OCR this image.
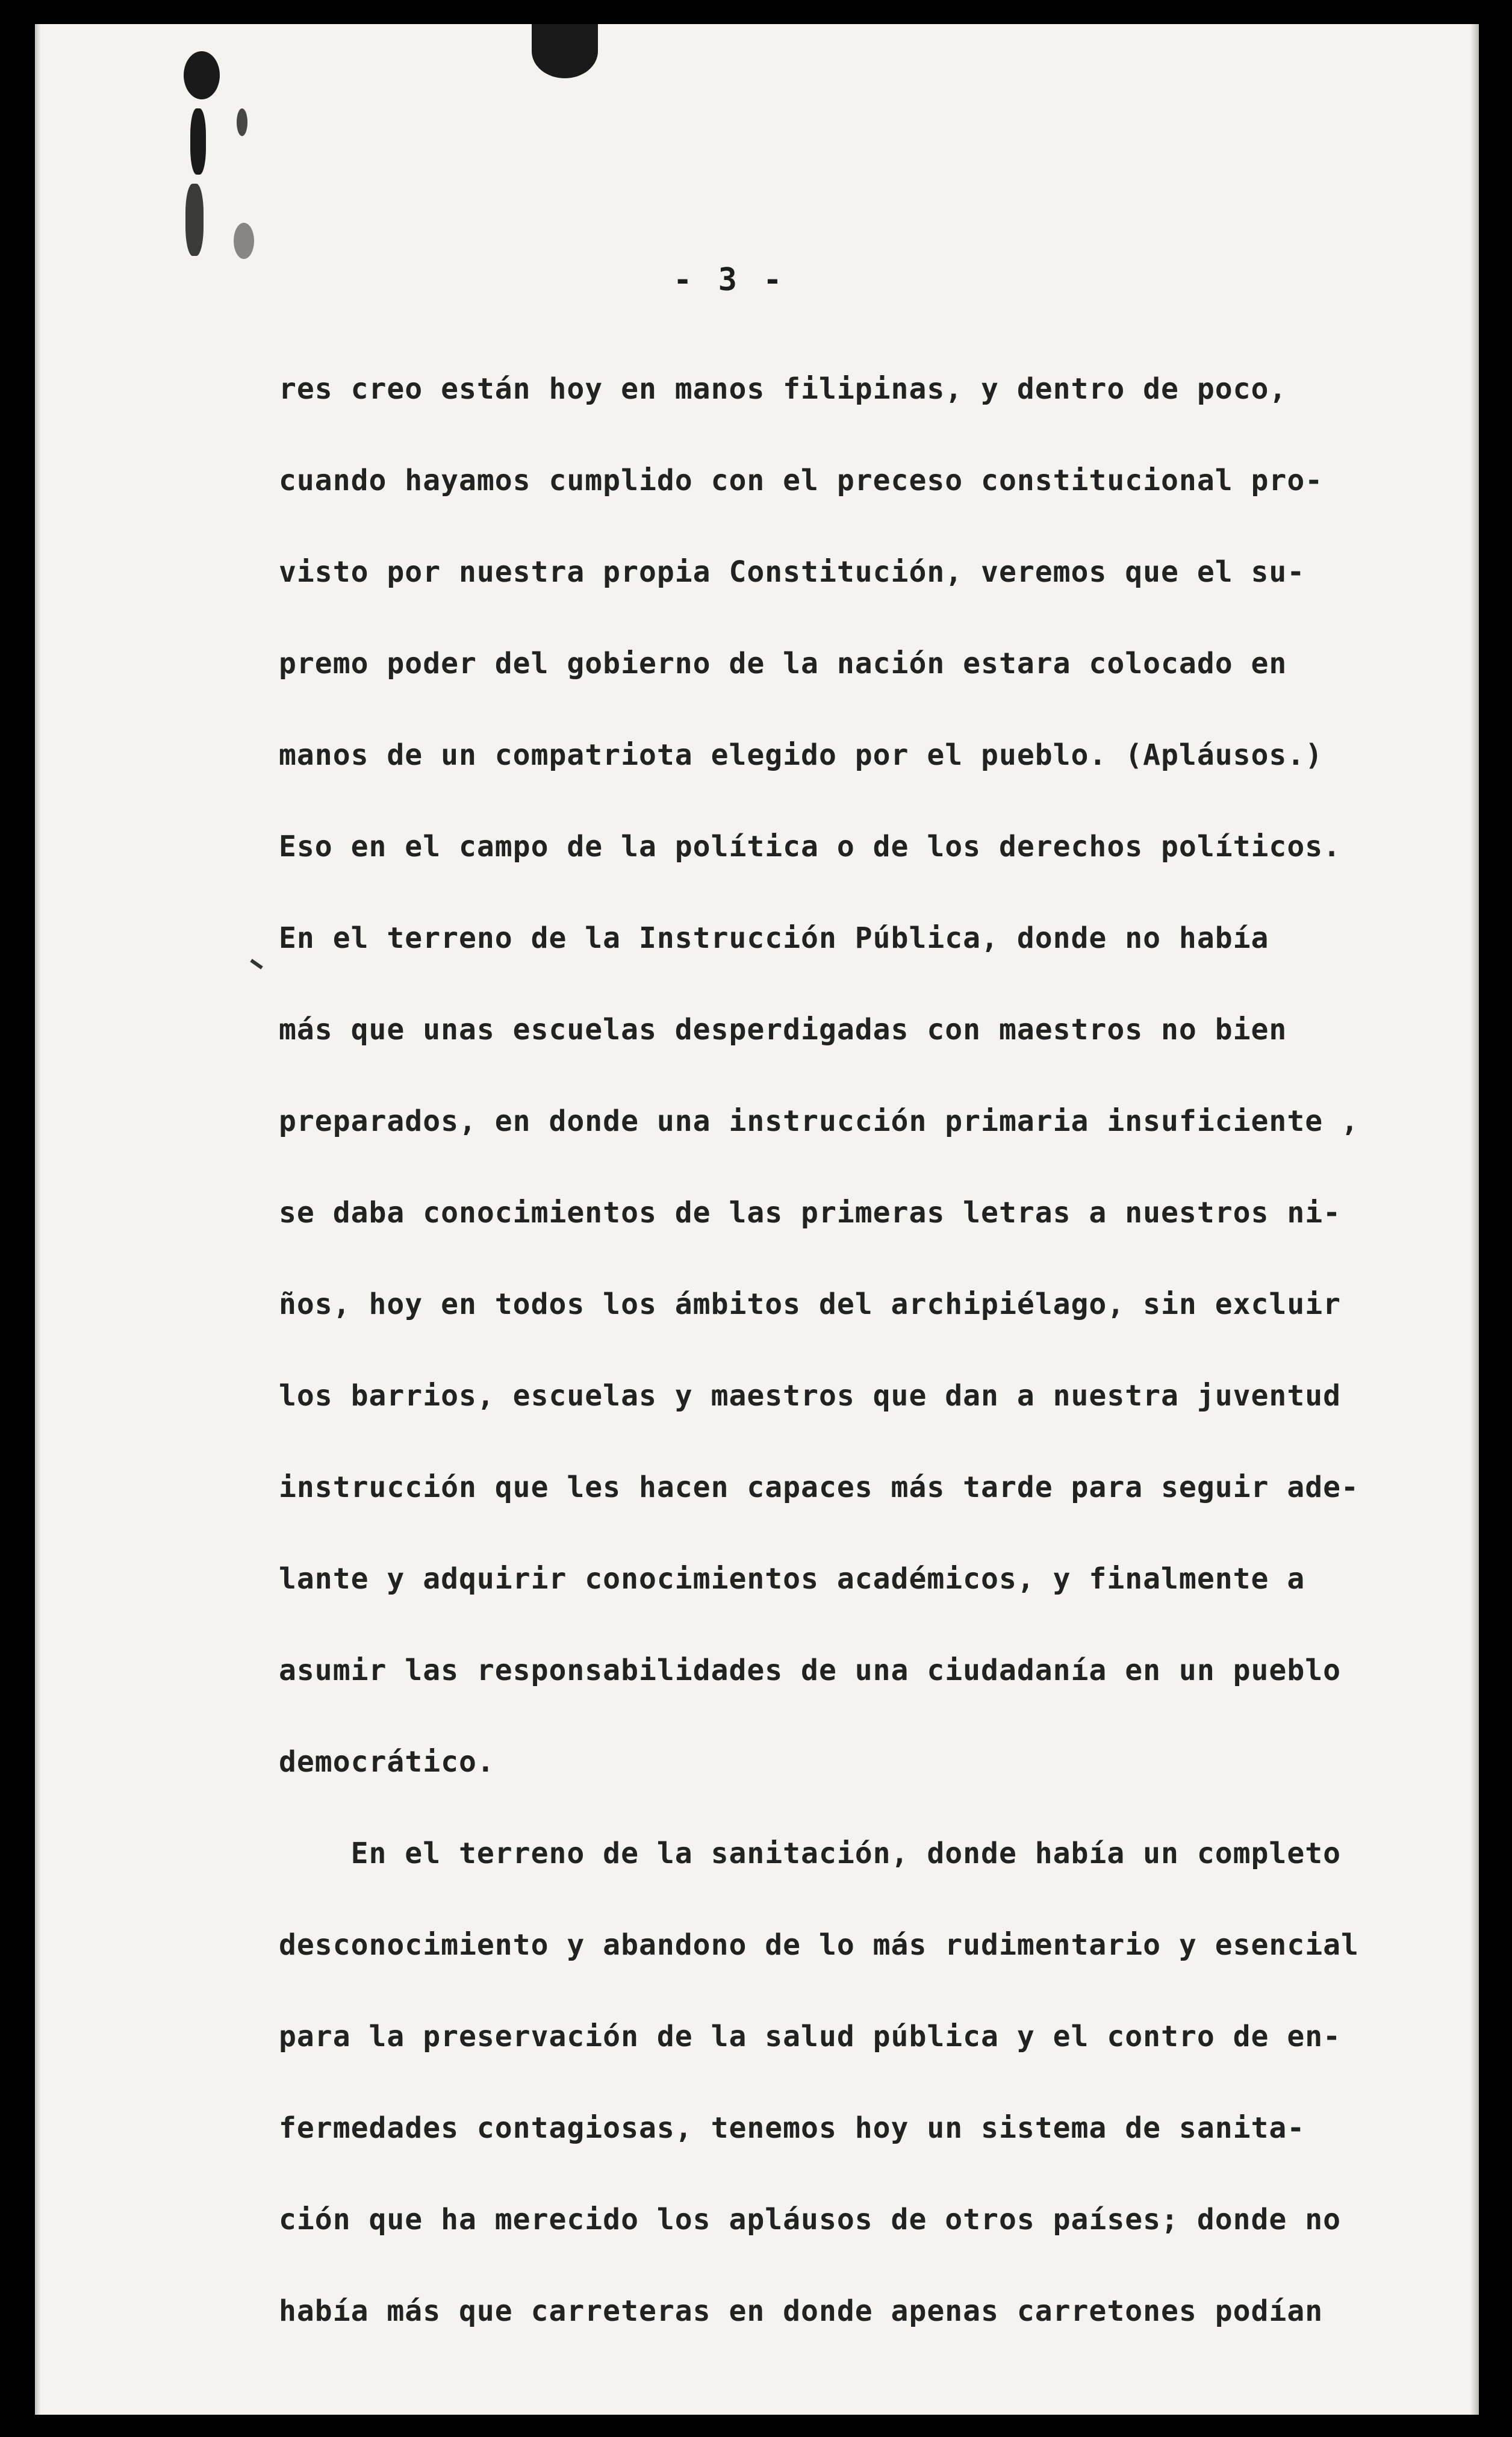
- 3 -
res creo están hoy en manos filipinas, y dentro de poco,
cuando hayamos cumplido con el preceso constitucional pro-
visto por nuestra propia Constitución, veremos que el su-
premo poder del gobierno de la nación estara colocado en
manos de un compatriota elegido por el pueblo. (Apláusos.)
Eso en el campo de la política o de los derechos políticos.
En el terreno de la Instrucción Pública, donde no había
más que unas escuelas desperdigadas con maestros no bien
preparados, en donde una instrucción primaria insuficiente ,
se daba conocimientos de las primeras letras a nuestros ni-
ños, hoy en todos los ámbitos del archipiélago, sin excluir
los barrios, escuelas y maestros que dan a nuestra juventud
instrucción que les hacen capaces más tarde para seguir ade-
lante y adquirir conocimientos académicos, y finalmente a
asumir las responsabilidades de una ciudadanía en un pueblo
democrático.
En el terreno de la sanitación, donde había un completo
desconocimiento y abandono de lo más rudimentario y esencial
para la preservación de la salud pública y el contro de en-
fermedades contagiosas, tenemos hoy un sistema de sanita-
ción que ha merecido los apláusos de otros países; donde no
había más que carreteras en donde apenas carretones podían
